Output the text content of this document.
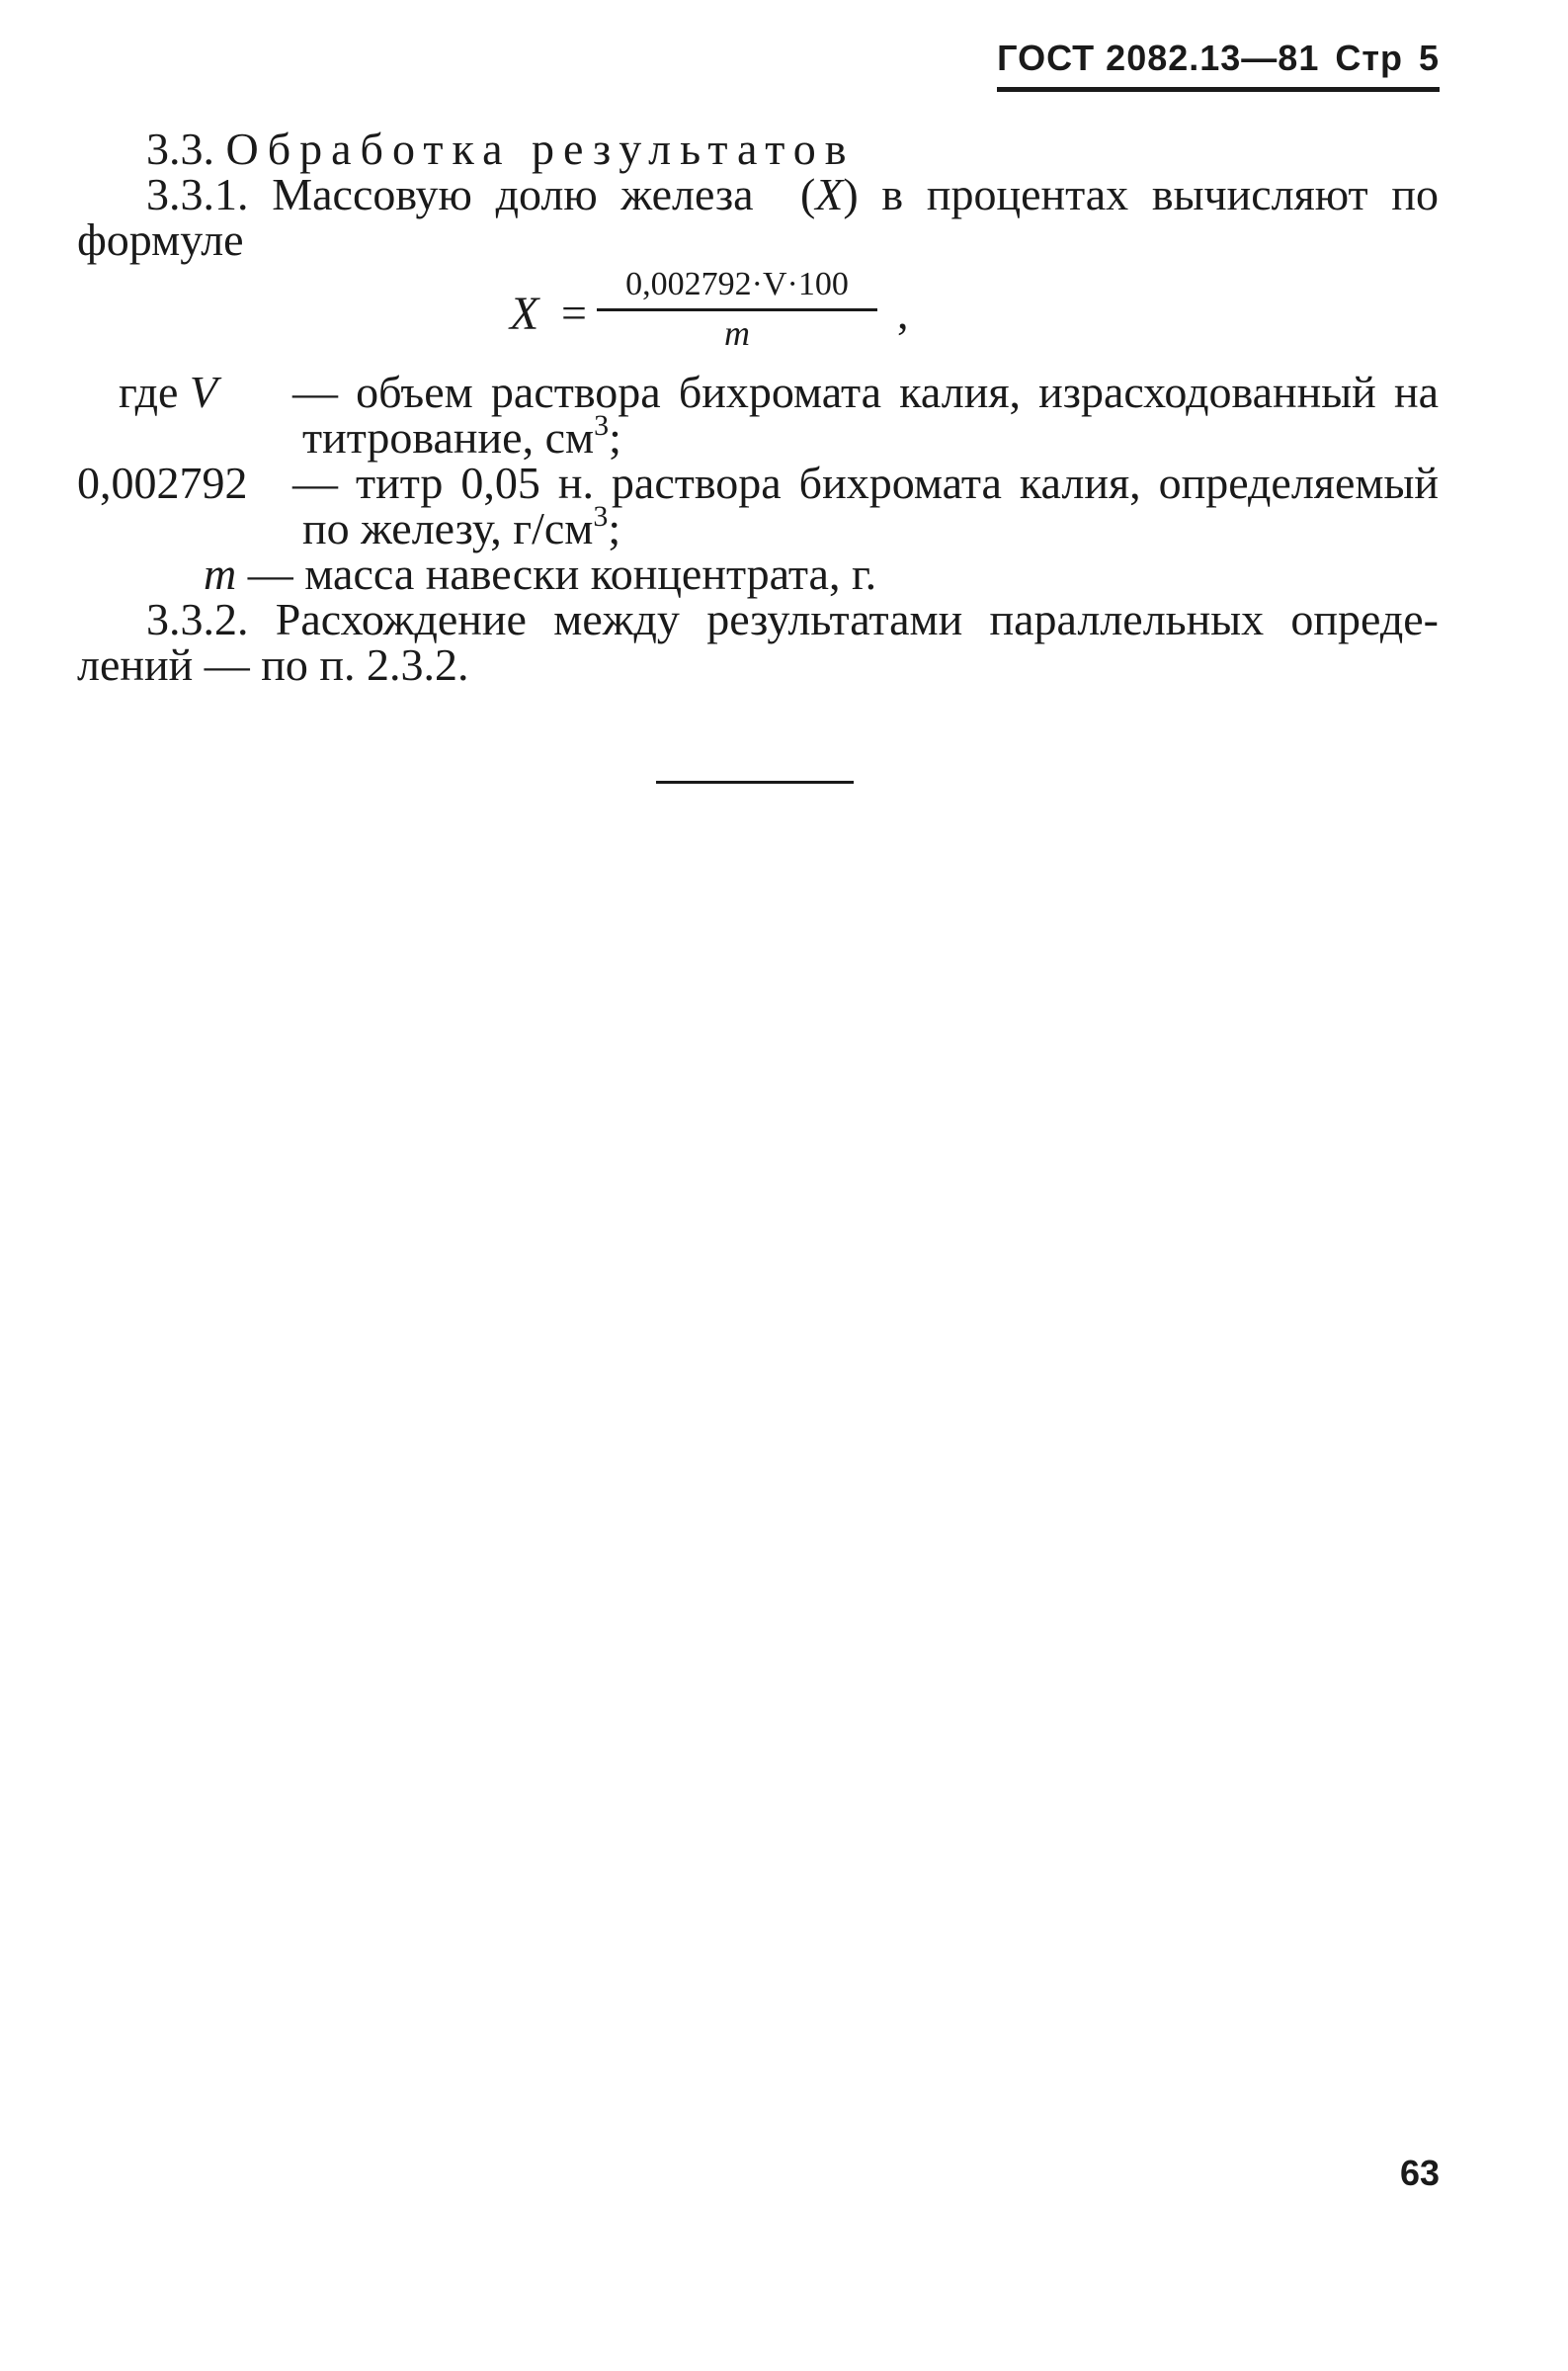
ГОСТ 2082.13—81 Стр 5
3.3. Обработка результатов
3.3.1. Массовую долю железа  (X) в процентах вычисляют по
формуле
X =
0,002792·V·100
m	,
где V — объем раствора бихромата калия, израсходованный на
титрование, $см^3$;
0,002792 — титр 0,05 н. раствора бихромата калия, определяемый
по железу, $г/см^3$;
m — масса навески концентрата, г.
3.3.2. Расхождение между результатами параллельных опреде-
лений — по п. 2.3.2.
63
